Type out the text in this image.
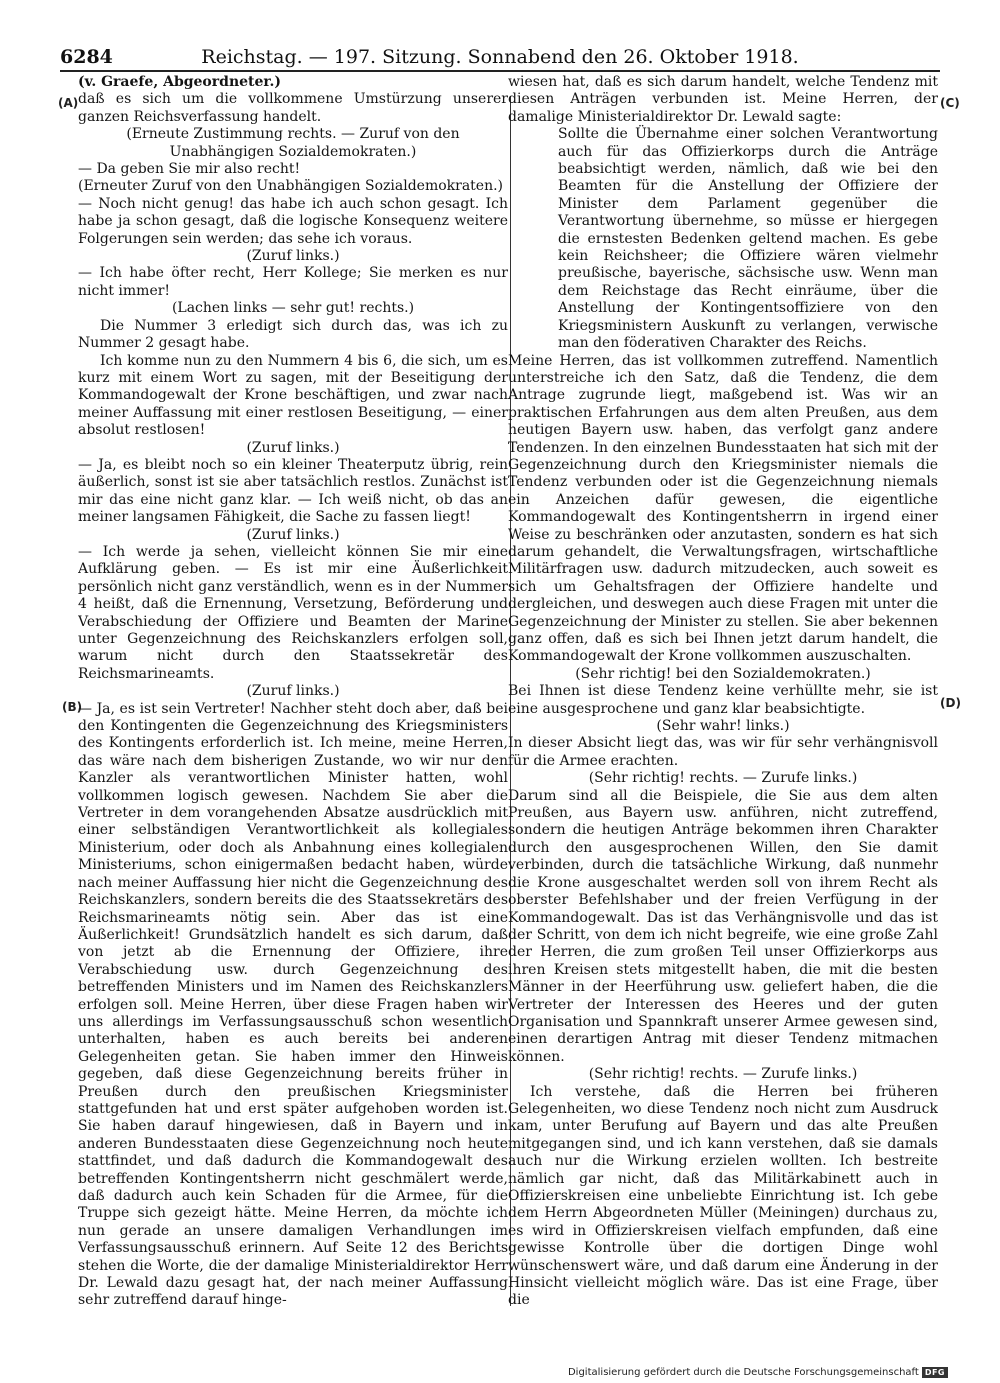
6284	Reichstag. — 197. Sitzung. Sonnabend den 26. Oktober 1918.
(A)
(B)
(C)
(D)

(v. Graefe, Abgeordneter.)

daß es sich um die vollkommene Umstürzung unserer ganzen Reichsverfassung handelt.

(Erneute Zustimmung rechts. — Zuruf von den Unabhängigen Sozialdemokraten.)

— Da geben Sie mir also recht!

(Erneuter Zuruf von den Unabhängigen Sozialdemokraten.)

— Noch nicht genug! das habe ich auch schon gesagt. Ich habe ja schon gesagt, daß die logische Konsequenz weitere Folgerungen sein werden; das sehe ich voraus.

(Zuruf links.)

— Ich habe öfter recht, Herr Kollege; Sie merken es nur nicht immer!

(Lachen links — sehr gut! rechts.)

Die Nummer 3 erledigt sich durch das, was ich zu Nummer 2 gesagt habe.

Ich komme nun zu den Nummern 4 bis 6, die sich, um es kurz mit einem Wort zu sagen, mit der Beseitigung der Kommandogewalt der Krone beschäftigen, und zwar nach meiner Auffassung mit einer restlosen Beseitigung, — einer absolut restlosen!

(Zuruf links.)

— Ja, es bleibt noch so ein kleiner Theaterputz übrig, rein äußerlich, sonst ist sie aber tatsächlich restlos. Zunächst ist mir das eine nicht ganz klar. — Ich weiß nicht, ob das an meiner langsamen Fähigkeit, die Sache zu fassen liegt!

(Zuruf links.)

— Ich werde ja sehen, vielleicht können Sie mir eine Aufklärung geben. — Es ist mir eine Äußerlichkeit persönlich nicht ganz verständlich, wenn es in der Nummer 4 heißt, daß die Ernennung, Versetzung, Beförderung und Verabschiedung der Offiziere und Beamten der Marine unter Gegenzeichnung des Reichskanzlers erfolgen soll, warum nicht durch den Staatssekretär des Reichsmarineamts.

(Zuruf links.)

— Ja, es ist sein Vertreter! Nachher steht doch aber, daß bei den Kontingenten die Gegenzeichnung des Kriegsministers des Kontingents erforderlich ist. Ich meine, meine Herren, das wäre nach dem bisherigen Zustande, wo wir nur den Kanzler als verantwortlichen Minister hatten, wohl vollkommen logisch gewesen. Nachdem Sie aber die Vertreter in dem vorangehenden Absatze ausdrücklich mit einer selbständigen Verantwortlichkeit als kollegiales Ministerium, oder doch als Anbahnung eines kollegialen Ministeriums, schon einigermaßen bedacht haben, würde nach meiner Auffassung hier nicht die Gegenzeichnung des Reichskanzlers, sondern bereits die des Staatssekretärs des Reichsmarineamts nötig sein. Aber das ist eine Äußerlichkeit! Grundsätzlich handelt es sich darum, daß von jetzt ab die Ernennung der Offiziere, ihre Verabschiedung usw. durch Gegenzeichnung des betreffenden Ministers und im Namen des Reichskanzlers erfolgen soll. Meine Herren, über diese Fragen haben wir uns allerdings im Verfassungsausschuß schon wesentlich unterhalten, haben es auch bereits bei anderen Gelegenheiten getan. Sie haben immer den Hinweis gegeben, daß diese Gegenzeichnung bereits früher in Preußen durch den preußischen Kriegsminister stattgefunden hat und erst später aufgehoben worden ist. Sie haben darauf hingewiesen, daß in Bayern und in anderen Bundesstaaten diese Gegenzeichnung noch heute stattfindet, und daß dadurch die Kommandogewalt des betreffenden Kontingentsherrn nicht geschmälert werde, daß dadurch auch kein Schaden für die Armee, für die Truppe sich gezeigt hätte. Meine Herren, da möchte ich nun gerade an unsere damaligen Verhandlungen im Verfassungsausschuß erinnern. Auf Seite 12 des Berichts stehen die Worte, die der damalige Ministerialdirektor Herr Dr. Lewald dazu gesagt hat, der nach meiner Auffassung sehr zutreffend darauf hinge-

wiesen hat, daß es sich darum handelt, welche Tendenz mit diesen Anträgen verbunden ist. Meine Herren, der damalige Ministerialdirektor Dr. Lewald sagte:

Sollte die Übernahme einer solchen Verantwortung auch für das Offizierkorps durch die Anträge beabsichtigt werden, nämlich, daß wie bei den Beamten für die Anstellung der Offiziere der Minister dem Parlament gegenüber die Verantwortung übernehme, so müsse er hiergegen die ernstesten Bedenken geltend machen. Es gebe kein Reichsheer; die Offiziere wären vielmehr preußische, bayerische, sächsische usw. Wenn man dem Reichstage das Recht einräume, über die Anstellung der Kontingentsoffiziere von den Kriegsministern Auskunft zu verlangen, verwische man den föderativen Charakter des Reichs.

Meine Herren, das ist vollkommen zutreffend. Namentlich unterstreiche ich den Satz, daß die Tendenz, die dem Antrage zugrunde liegt, maßgebend ist. Was wir an praktischen Erfahrungen aus dem alten Preußen, aus dem heutigen Bayern usw. haben, das verfolgt ganz andere Tendenzen. In den einzelnen Bundesstaaten hat sich mit der Gegenzeichnung durch den Kriegsminister niemals die Tendenz verbunden oder ist die Gegenzeichnung niemals ein Anzeichen dafür gewesen, die eigentliche Kommandogewalt des Kontingentsherrn in irgend einer Weise zu beschränken oder anzutasten, sondern es hat sich darum gehandelt, die Verwaltungsfragen, wirtschaftliche Militärfragen usw. dadurch mitzudecken, auch soweit es sich um Gehaltsfragen der Offiziere handelte und dergleichen, und deswegen auch diese Fragen mit unter die Gegenzeichnung der Minister zu stellen. Sie aber bekennen ganz offen, daß es sich bei Ihnen jetzt darum handelt, die Kommandogewalt der Krone vollkommen auszuschalten.

(Sehr richtig! bei den Sozialdemokraten.)

Bei Ihnen ist diese Tendenz keine verhüllte mehr, sie ist eine ausgesprochene und ganz klar beabsichtigte.

(Sehr wahr! links.)

In dieser Absicht liegt das, was wir für sehr verhängnisvoll für die Armee erachten.

(Sehr richtig! rechts. — Zurufe links.)

Darum sind all die Beispiele, die Sie aus dem alten Preußen, aus Bayern usw. anführen, nicht zutreffend, sondern die heutigen Anträge bekommen ihren Charakter durch den ausgesprochenen Willen, den Sie damit verbinden, durch die tatsächliche Wirkung, daß nunmehr die Krone ausgeschaltet werden soll von ihrem Recht als oberster Befehlshaber und der freien Verfügung in der Kommandogewalt. Das ist das Verhängnisvolle und das ist der Schritt, von dem ich nicht begreife, wie eine große Zahl der Herren, die zum großen Teil unser Offizierkorps aus ihren Kreisen stets mitgestellt haben, die mit die besten Männer in der Heerführung usw. geliefert haben, die die Vertreter der Interessen des Heeres und der guten Organisation und Spannkraft unserer Armee gewesen sind, einen derartigen Antrag mit dieser Tendenz mitmachen können.

(Sehr richtig! rechts. — Zurufe links.)

Ich verstehe, daß die Herren bei früheren Gelegenheiten, wo diese Tendenz noch nicht zum Ausdruck kam, unter Berufung auf Bayern und das alte Preußen mitgegangen sind, und ich kann verstehen, daß sie damals auch nur die Wirkung erzielen wollten. Ich bestreite nämlich gar nicht, daß das Militärkabinett auch in Offizierskreisen eine unbeliebte Einrichtung ist. Ich gebe dem Herrn Abgeordneten Müller (Meiningen) durchaus zu, es wird in Offizierskreisen vielfach empfunden, daß eine gewisse Kontrolle über die dortigen Dinge wohl wünschenswert wäre, und daß darum eine Änderung in der Hinsicht vielleicht möglich wäre. Das ist eine Frage, über die

Digitalisierung gefördert durch die Deutsche Forschungsgemeinschaft DFG
